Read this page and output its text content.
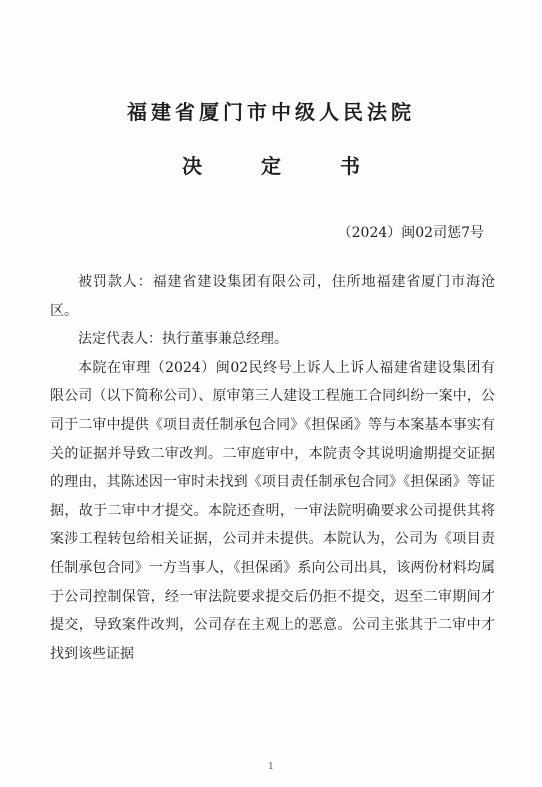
福建省厦门市中级人民法院
决 定 书
（2024）闽02司惩7号

被罚款人：福建省建设集团有限公司，住所地福建省厦门市海沧区。

法定代表人：执行董事兼总经理。

本院在审理（2024）闽02民终号上诉人上诉人福建省建设集团有限公司（以下简称公司）、原审第三人建设工程施工合同纠纷一案中，公司于二审中提供《项目责任制承包合同》《担保函》等与本案基本事实有关的证据并导致二审改判。二审庭审中，本院责令其说明逾期提交证据的理由，其陈述因一审时未找到《项目责任制承包合同》《担保函》等证据，故于二审中才提交。本院还查明，一审法院明确要求公司提供其将案涉工程转包给相关证据，公司并未提供。本院认为，公司为《项目责任制承包合同》一方当事人，《担保函》系向公司出具，该两份材料均属于公司控制保管，经一审法院要求提交后仍拒不提交，迟至二审期间才提交，导致案件改判，公司存在主观上的恶意。公司主张其于二审中才找到该些证据

1
